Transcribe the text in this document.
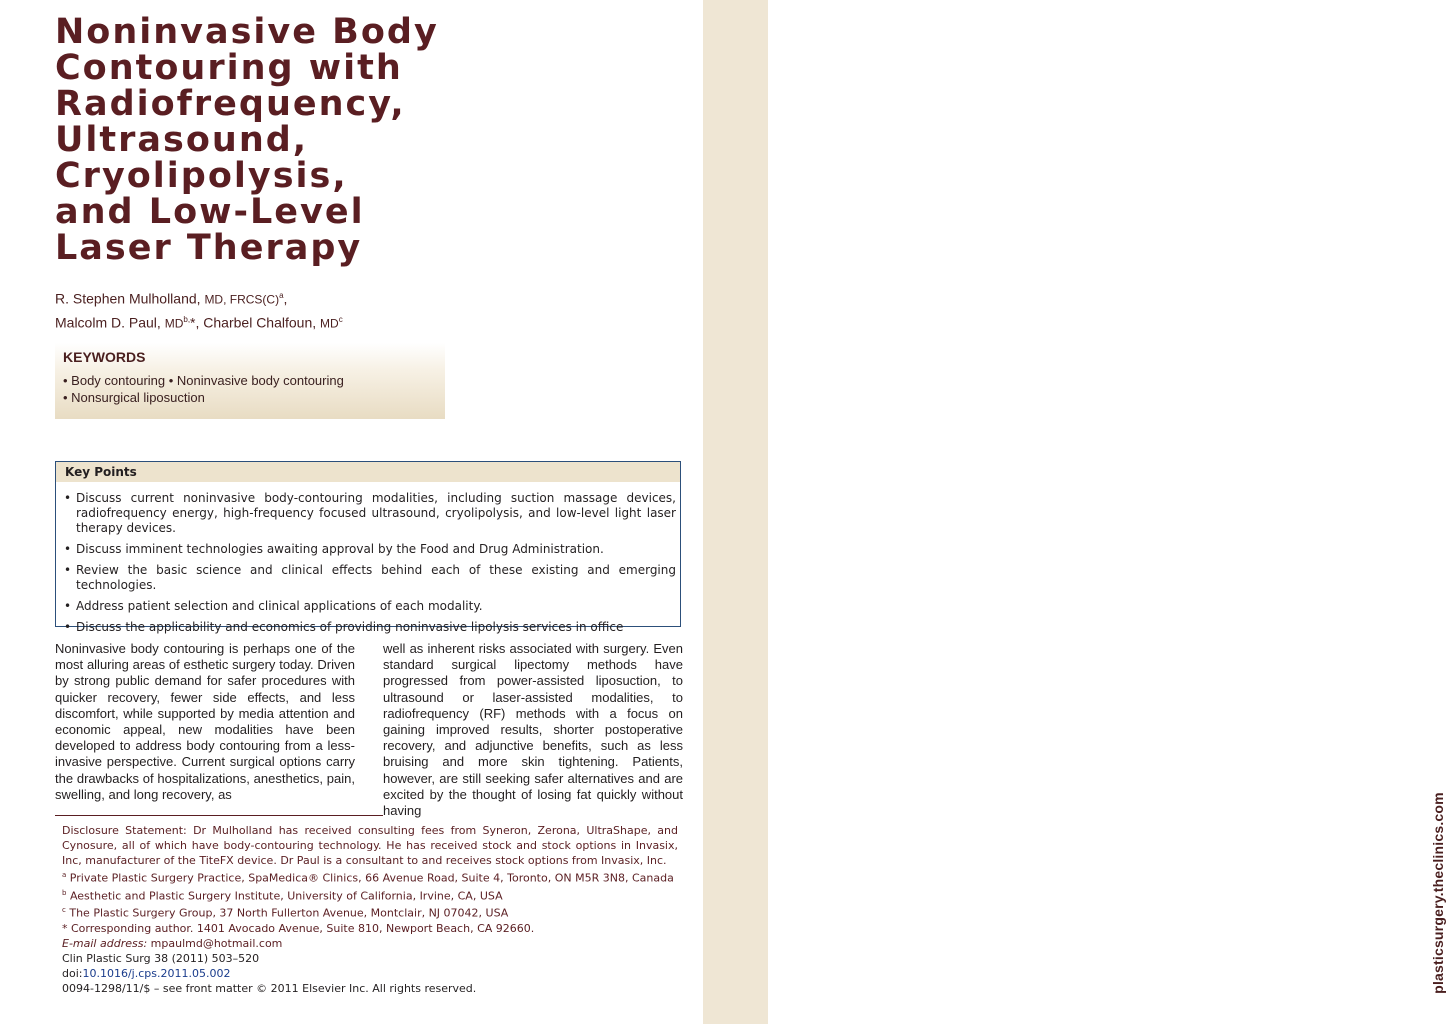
plasticsurgery.theclinics.com
Noninvasive Body
Contouring with
Radiofrequency,
Ultrasound,
Cryolipolysis,
and Low-Level
Laser Therapy
R. Stephen Mulholland, MD, $FRCS(C)^a$,
Malcolm D. Paul, $MD^{b,}*$, Charbel Chalfoun, $MD^c$
KEYWORDS
• Body contouring • Noninvasive body contouring
• Nonsurgical liposuction
Key Points
• Discuss current noninvasive body-contouring modalities, including suction massage devices, radiofrequency energy, high-frequency focused ultrasound, cryolipolysis, and low-level light laser therapy devices.
• Discuss imminent technologies awaiting approval by the Food and Drug Administration.
• Review the basic science and clinical effects behind each of these existing and emerging technologies.
• Address patient selection and clinical applications of each modality.
• Discuss the applicability and economics of providing noninvasive lipolysis services in office

Noninvasive body contouring is perhaps one of the most alluring areas of esthetic surgery today. Driven by strong public demand for safer procedures with quicker recovery, fewer side effects, and less discomfort, while supported by media attention and economic appeal, new modalities have been developed to address body contouring from a less-invasive perspective. Current surgical options carry the drawbacks of hospitalizations, anesthetics, pain, swelling, and long recovery, as

well as inherent risks associated with surgery. Even standard surgical lipectomy methods have progressed from power-assisted liposuction, to ultrasound or laser-assisted modalities, to radiofrequency (RF) methods with a focus on gaining improved results, shorter postoperative recovery, and adjunctive benefits, such as less bruising and more skin tightening. Patients, however, are still seeking safer alternatives and are excited by the thought of losing fat quickly without having

Disclosure Statement: Dr Mulholland has received consulting fees from Syneron, Zerona, UltraShape, and Cynosure, all of which have body-contouring technology. He has received stock and stock options in Invasix, Inc, manufacturer of the TiteFX device. Dr Paul is a consultant to and receives stock options from Invasix, Inc.
$^a$ Private Plastic Surgery Practice, SpaMedica® Clinics, 66 Avenue Road, Suite 4, Toronto, ON M5R 3N8, Canada
$^b$ Aesthetic and Plastic Surgery Institute, University of California, Irvine, CA, USA
$^c$ The Plastic Surgery Group, 37 North Fullerton Avenue, Montclair, NJ 07042, USA
* Corresponding author. 1401 Avocado Avenue, Suite 810, Newport Beach, CA 92660.
E-mail address: mpaulmd@hotmail.com
Clin Plastic Surg 38 (2011) 503–520
doi:10.1016/j.cps.2011.05.002
0094-1298/11/$ – see front matter © 2011 Elsevier Inc. All rights reserved.
